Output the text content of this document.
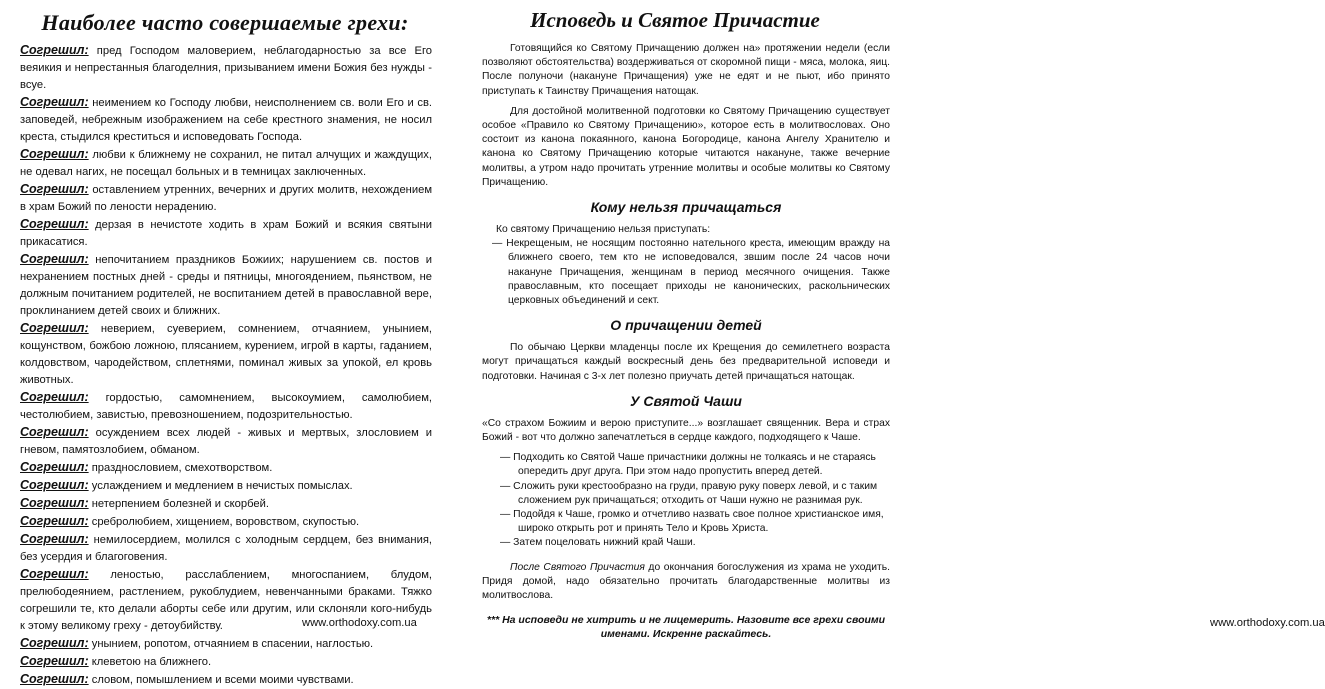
Наиболее часто совершаемые грехи:

Согрешил: пред Господом маловерием, неблагодарностью за все Его вeяикия и непрестанныя благоделния, призыванием имени Божия без нужды - всуе.

Согрешил: неимением ко Господу любви, неисполнением св. воли Его и св. заповедей, небрежным изображением на себе крестного знамения, не носил креста, стыдился креститься и исповедовать Господа.

Согрешил: любви к ближнему не сохранил, не питал алчущих и жаждущих, не одевал нагих, не посещал больных и в темницах заключенных.

Согрешил: оставлением утренних, вечерних и других молитв, нехождением в храм Божий по лености нерадению.

Согрешил: дерзая в нечистоте ходить в храм Божий и всякия святыни прикасатися.

Согрешил: непочитанием праздников Божиих; нарушением св. постов и нехранением постных дней - среды и пятницы, многоядением, пьянством, не должным почитанием родителей, не воспитанием детей в православной вере, проклинанием детей своих и ближних.

Согрешил: неверием, суеверием, сомнением, отчаянием, унынием, кощунством, божбою ложною, плясанием, курением, игрой в карты, гаданием, колдовством, чародейством, сплетнями, поминал живых за упокой, ел кровь животных.

Согрешил: гордостью, самомнением, высокоумием, самолюбием, честолюбием, завистью, превозношением, подозрительностью.

Согрешил: осуждением всех людей - живых и мертвых, злословием и гневом, памятозлобием, обманом.

Согрешил: празднословием, смехотворством.

Согрешил: услаждением и медлением в нечистых помыслах.

Согрешил: нетерпением болезней и скорбей.

Согрешил: сребролюбием, хищением, воровством, скупостью.

Согрешил: немилосердием, молился с холодным сердцем, без внимания, без усердия и благоговения.

Согрешил: леностью, расслаблением, многоспанием, блудом, прелюбодеянием, растлением, рукоблудием, невенчанными браками. Тяжко согрешили те, кто делали аборты себе или другим, или склоняли кого-нибудь к этому великому греху - детоубийству.

Согрешил: унынием, ропотом, отчаянием в спасении, наглостью.

Согрешил: клеветою на ближнего.

Согрешил: словом, помышлением и всеми моими чувствами.

www.orthodoxy.com.ua
Исповедь и Святое Причастие

Готовящийся ко Святому Причащению должен на» протяжении недели (если позволяют обстоятельства) воздерживаться от скоромной пищи - мяса, молока, яиц. После полуночи (накануне Причащения) уже не едят и не пьют, ибо принято приступать к Таинству Причащения натощак.

Для достойной молитвенной подготовки ко Святому Причащению существует особое «Правило ко Святому Причащению», которое есть в молитвословах. Оно состоит из канона покаянного, канона Богородице, канона Ангелу Хранителю и канона ко Святому Причащению которые читаются накануне, также вечерние молитвы, а утром надо прочитать утренние молитвы и особые молитвы ко Святому Причащению.

Кому нельзя причащаться

Ко святому Причащению нельзя приступать:

— Некрещеным, не носящим постоянно нательного креста, имеющим вражду на ближнего своего, тем кто не исповедовался, звшим после 24 часов ночи накануне Причащения, женщинам в период месячного очищения. Также православным, кто посещает приходы не канонических, раскольнических церковных объединений и сект.

О причащении детей

По обычаю Церкви младенцы после их Крещения до семилетнего возраста могут причащаться каждый воскресный день без предварительной исповеди и подготовки. Начиная с 3-х лет полезно приучать детей причащаться натощак.

У Святой Чаши

«Со страхом Божиим и верою приступите...» возглашает священник. Вера и страх Божий - вот что должно запечатлеться в сердце каждого, подходящего к Чаше.

— Подходить ко Святой Чаше причастники должны не толкаясь и не стараясь опередить друг друга. При этом надо пропустить вперед детей.

— Сложить руки крестообразно на груди, правую руку поверх левой, и с таким сложением рук причащаться; отходить от Чаши нужно не разнимая рук.

— Подойдя к Чаше, громко и отчетливо назвать свое полное христианское имя, широко открыть рот и принять Тело и Кровь Христа.

— Затем поцеловать нижний край Чаши.

После Святого Причастия до окончания богослужения из храма не уходить. Придя домой, надо обязательно прочитать благодарственные молитвы из молитвослова.

*** На исповеди не хитрить и не лицемерить. Назовите все грехи своими именами. Искренне раскайтесь.
www.orthodoxy.com.ua
